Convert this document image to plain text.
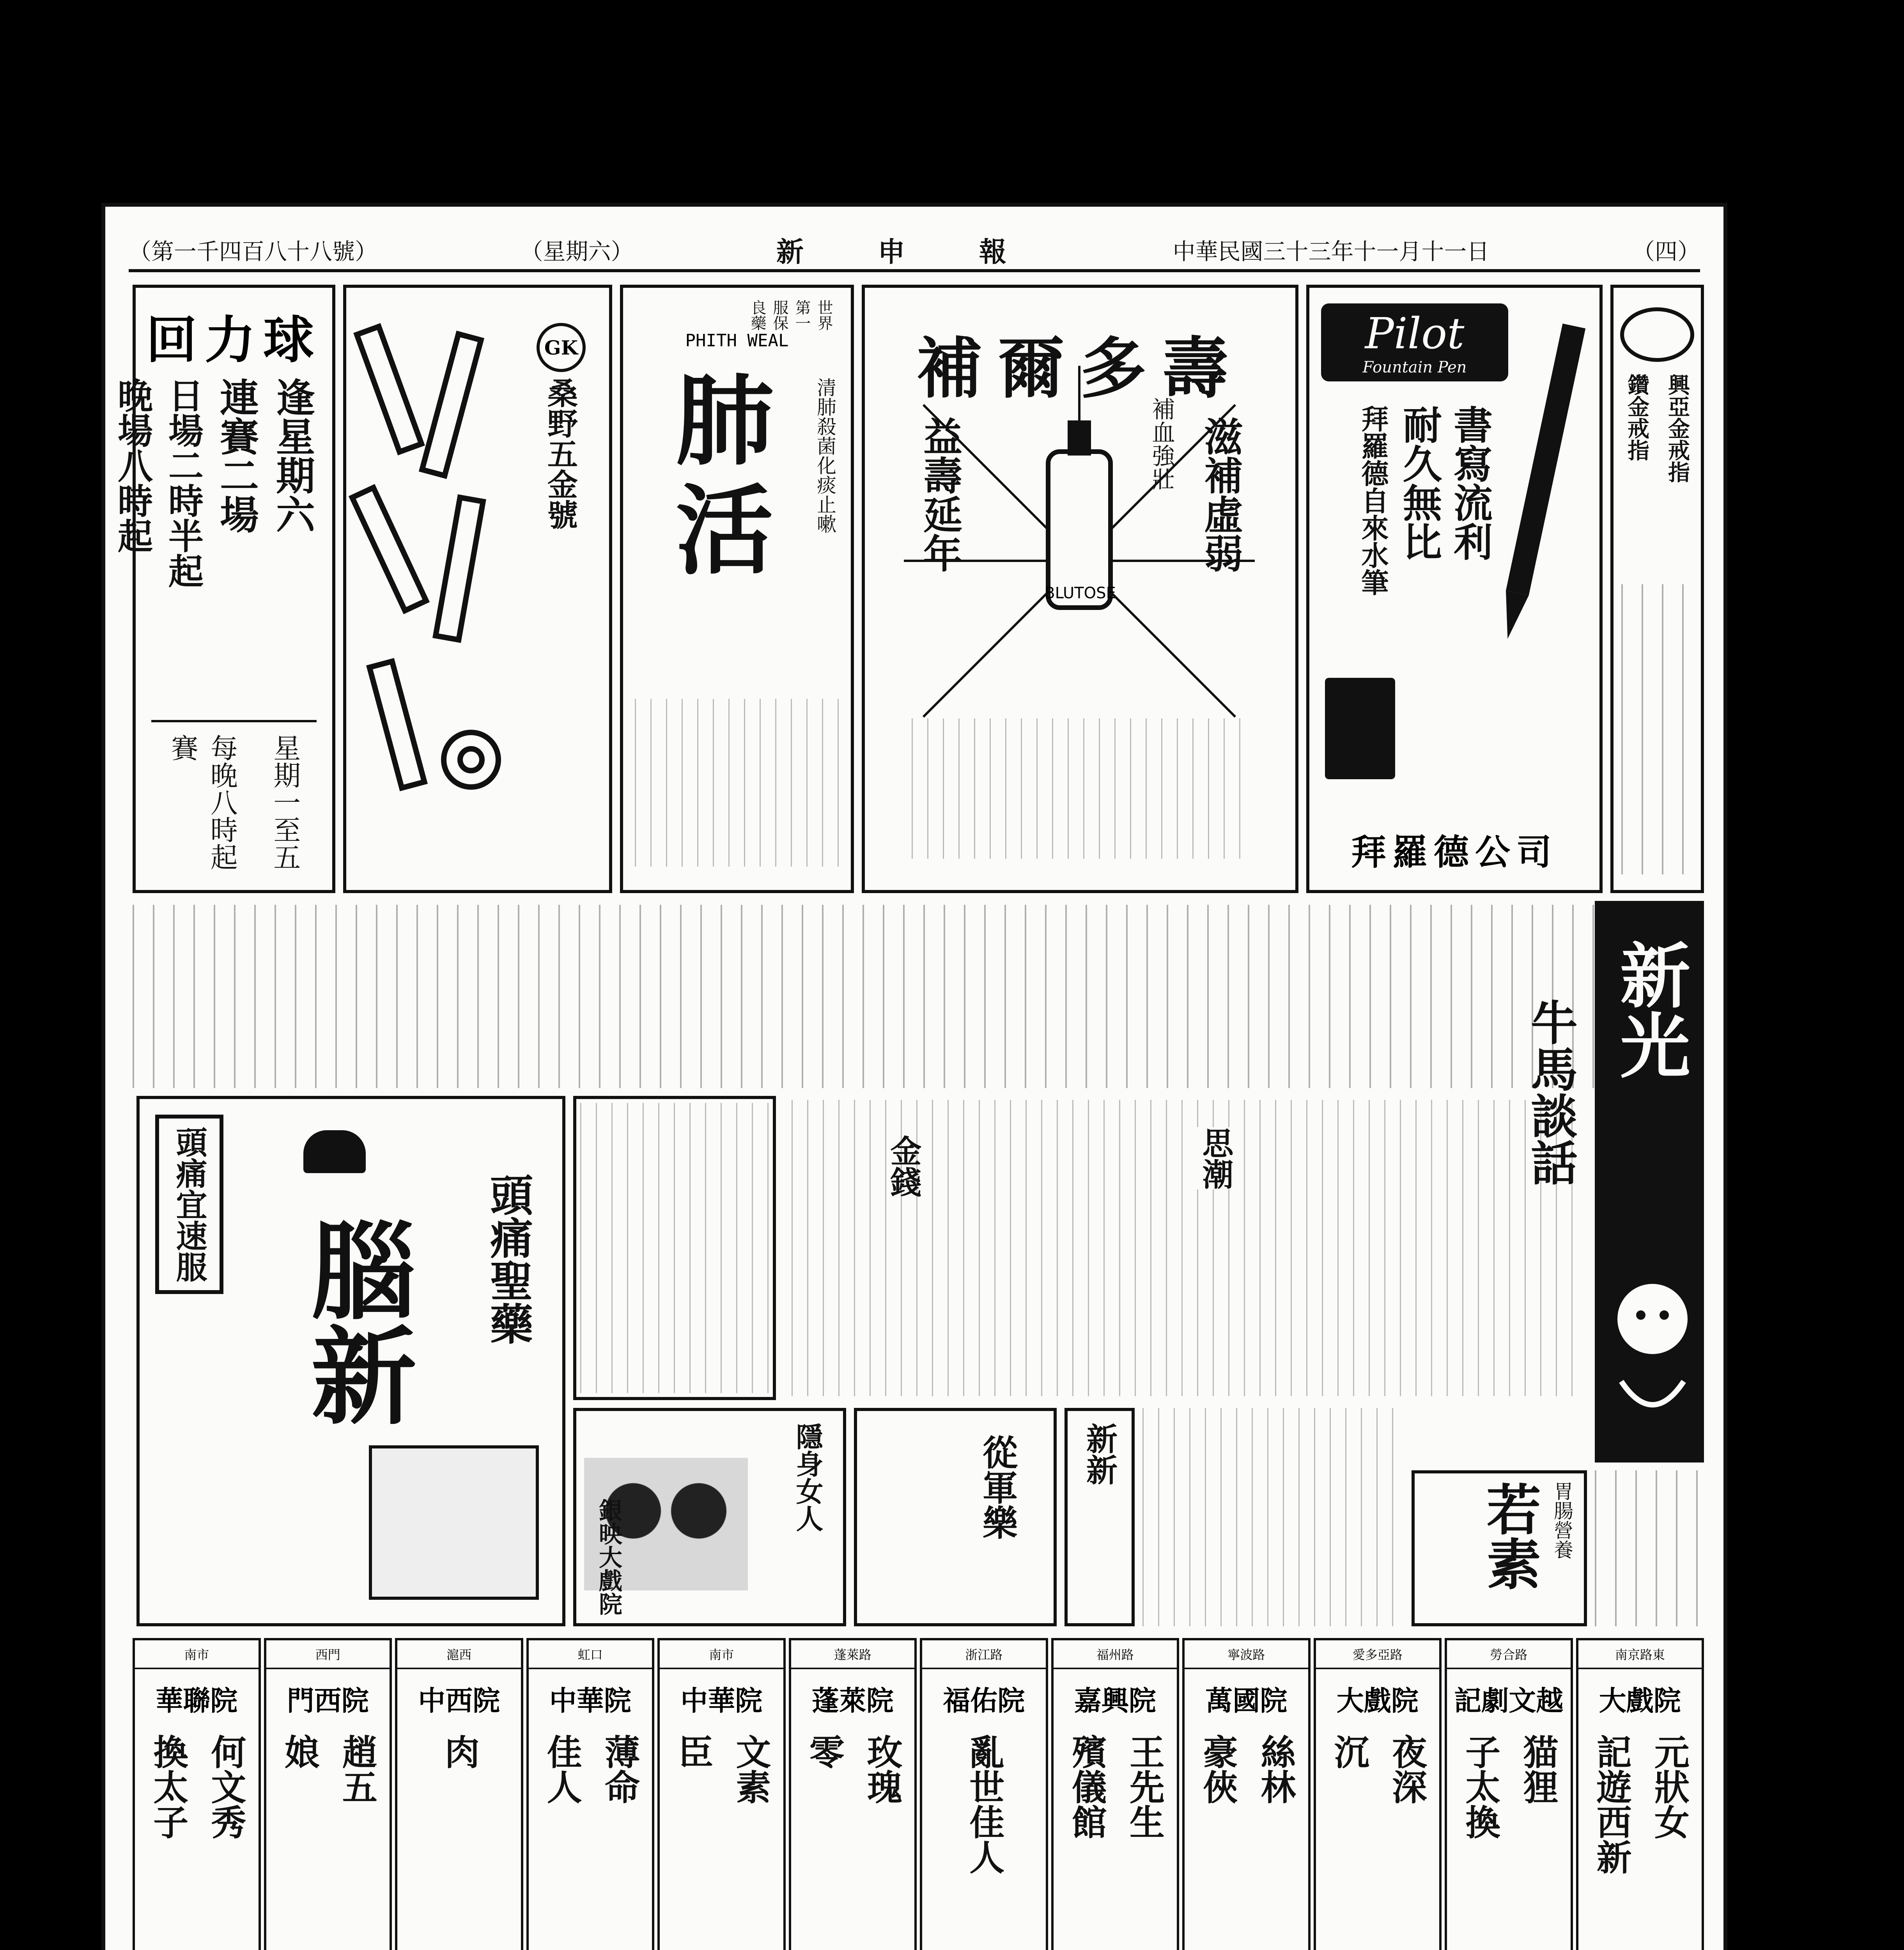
（第一千四百八十八號）	（星期六）	新　申　報	中華民國三十三年十一月十一日	（四）
回力球
逢星期六
連賽二場
日場二時半起
晚場八時起
星期一至五
每晚八時起賽
GK
桑野五金號
PHITH WEAL
世界第一服保良藥
肺活	清肺殺菌化痰止嗽
補爾多壽
滋補虛弱
益壽延年	補血強壯
BLUTOSE
Pilot
Fountain Pen
書寫流利
耐久無比
拜羅德自來水筆
拜羅德公司
興亞金戒指
鑽金戒指
新光
牛馬談話
頭痛宜速服	頭痛聖藥
腦新
金錢	思潮
隱身女人
銀映大戲院
從軍樂 新新
若素 胃腸營養
南京路東
大戲院
元狀女
記遊西新
勞合路
記劇文越
猫狸
子太換
愛多亞路
大戲院
夜深
沉
寧波路
萬國院
絲林
豪俠
福州路
嘉興院
王先生
殯儀館
浙江路
福佑院
亂世佳人
蓬萊路
蓬萊院
玫瑰
零
南市
中華院
文素
臣
虹口
中華院
薄命
佳人
滬西
中西院
肉
西門
門西院
趙五
娘
南市
華聯院
何文秀
換太子
